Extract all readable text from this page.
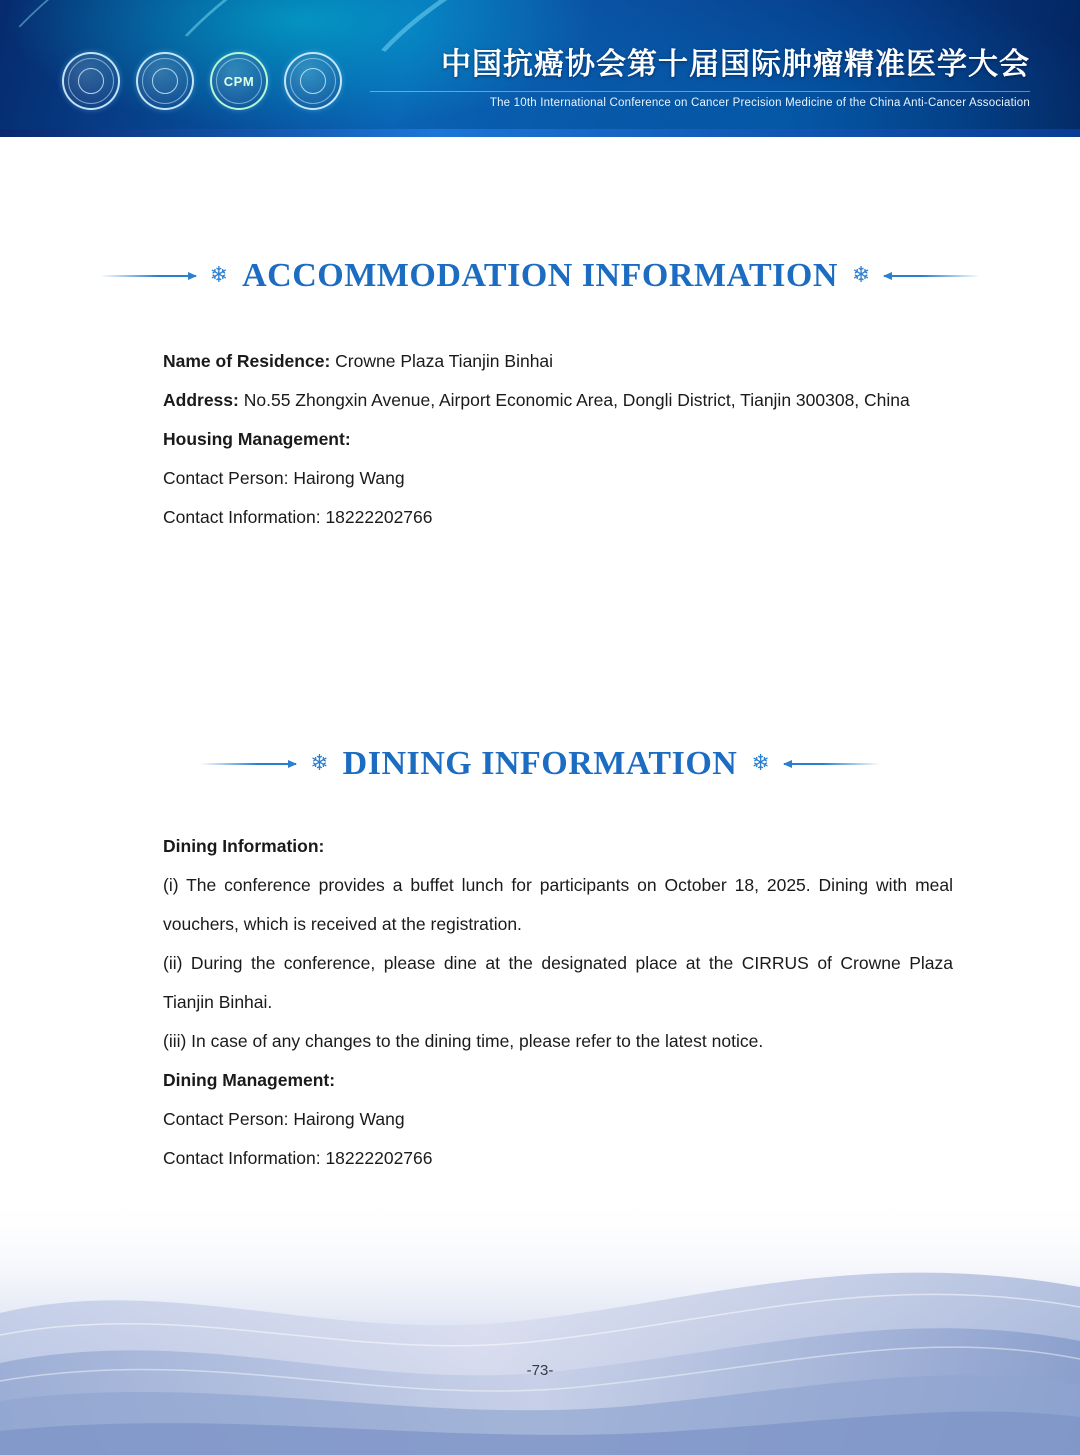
CPM	中国抗癌协会第十届国际肿瘤精准医学大会
The 10th International Conference on Cancer Precision Medicine of the China Anti-Cancer Association
❄ ACCOMMODATION INFORMATION ❄

Name of Residence: Crowne Plaza Tianjin Binhai

Address: No.55 Zhongxin Avenue, Airport Economic Area, Dongli District, Tianjin 300308, China

Housing Management:

Contact Person: Hairong Wang

Contact Information: 18222202766

❄ DINING INFORMATION ❄

Dining Information:

(i) The conference provides a buffet lunch for participants on October 18, 2025. Dining with meal vouchers, which is received at the registration.

(ii) During the conference, please dine at the designated place at the CIRRUS of Crowne Plaza Tianjin Binhai.

(iii) In case of any changes to the dining time, please refer to the latest notice.

Dining Management:

Contact Person: Hairong Wang

Contact Information: 18222202766

-73-
